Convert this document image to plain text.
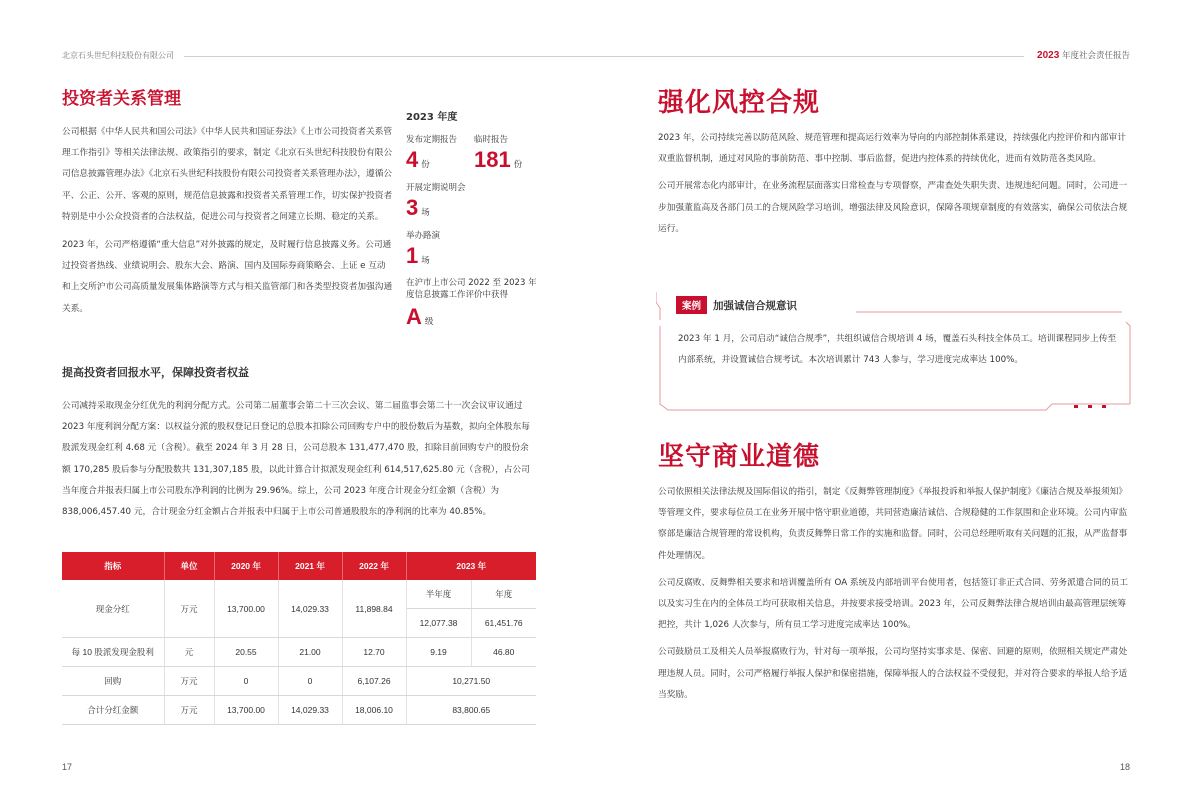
北京石头世纪科技股份有限公司	2023 年度社会责任报告
投资者关系管理

公司根据《中华人民共和国公司法》《中华人民共和国证券法》《上市公司投资者关系管理工作指引》等相关法律法规、政策指引的要求，制定《北京石头世纪科技股份有限公司信息披露管理办法》《北京石头世纪科技股份有限公司投资者关系管理办法》，遵循公平、公正、公开、客观的原则，规范信息披露和投资者关系管理工作，切实保护投资者特别是中小公众投资者的合法权益，促进公司与投资者之间建立长期、稳定的关系。

2023 年，公司严格遵循“重大信息”对外披露的规定，及时履行信息披露义务。公司通过投资者热线、业绩说明会、股东大会、路演、国内及国际券商策略会、上证 e 互动和上交所沪市公司高质量发展集体路演等方式与相关监管部门和各类型投资者加强沟通关系。

2023 年度
发布定期报告
4 份
临时报告
181 份
开展定期说明会
3 场
举办路演
1 场
在沪市上市公司 2022 至 2023 年度信息披露工作评价中获得
A级
提高投资者回报水平，保障投资者权益

公司减持采取现金分红优先的利润分配方式。公司第二届董事会第二十三次会议、第二届监事会第二十一次会议审议通过 2023 年度利润分配方案：以权益分派的股权登记日登记的总股本扣除公司回购专户中的股份数后为基数，拟向全体股东每股派发现金红利 4.68 元（含税）。截至 2024 年 3 月 28 日，公司总股本 131,477,470 股，扣除目前回购专户的股份余额 170,285 股后参与分配股数共 131,307,185 股，以此计算合计拟派发现金红利 614,517,625.80 元（含税），占公司当年度合并报表归属上市公司股东净利润的比例为 29.96%。综上，公司 2023 年度合计现金分红金额（含税）为 838,006,457.40 元，合计现金分红金额占合并报表中归属于上市公司普通股股东的净利润的比率为 40.85%。

指标	单位	2020 年	2021 年	2022 年	2023 年	
现金分红	万元	13,700.00	14,029.33	11,898.84	半年度	年度
					12,077.38	61,451.76
每 10 股派发现金股利	元	20.55	21.00	12.70	9.19	46.80
回购	万元	0	0	6,107.26	10,271.50	
合计分红金额	万元	13,700.00	14,029.33	18,006.10	83,800.65	
17
强化风控合规

2023 年，公司持续完善以防范风险、规范管理和提高运行效率为导向的内部控制体系建设，持续强化内控评价和内部审计双重监督机制，通过对风险的事前防范、事中控制、事后监督，促进内控体系的持续优化，进而有效防范各类风险。

公司开展常态化内部审计，在业务流程层面落实日常检查与专项督察，严肃查处失职失责、违规违纪问题。同时，公司进一步加强董监高及各部门员工的合规风险学习培训，增强法律及风险意识，保障各项规章制度的有效落实，确保公司依法合规运行。

案例	加强诚信合规意识

2023 年 1 月，公司启动“诚信合规季”，共组织诚信合规培训 4 场，覆盖石头科技全体员工。培训课程同步上传至内部系统，并设置诚信合规考试。本次培训累计 743 人参与，学习进度完成率达 100%。

坚守商业道德

公司依照相关法律法规及国际倡议的指引，制定《反舞弊管理制度》《举报投诉和举报人保护制度》《廉洁合规及举报须知》等管理文件，要求每位员工在业务开展中恪守职业道德，共同营造廉洁诚信、合规稳健的工作氛围和企业环境。公司内审监察部是廉洁合规管理的常设机构，负责反舞弊日常工作的实施和监督。同时，公司总经理听取有关问题的汇报，从严监督事件处理情况。

公司反腐败、反舞弊相关要求和培训覆盖所有 OA 系统及内部培训平台使用者，包括签订非正式合同、劳务派遣合同的员工以及实习生在内的全体员工均可获取相关信息，并按要求接受培训。2023 年，公司反舞弊法律合规培训由最高管理层统筹把控，共计 1,026 人次参与，所有员工学习进度完成率达 100%。

公司鼓励员工及相关人员举报腐败行为，针对每一项举报，公司均坚持实事求是、保密、回避的原则，依照相关规定严肃处理违规人员。同时，公司严格履行举报人保护和保密措施，保障举报人的合法权益不受侵犯，并对符合要求的举报人给予适当奖励。

18
